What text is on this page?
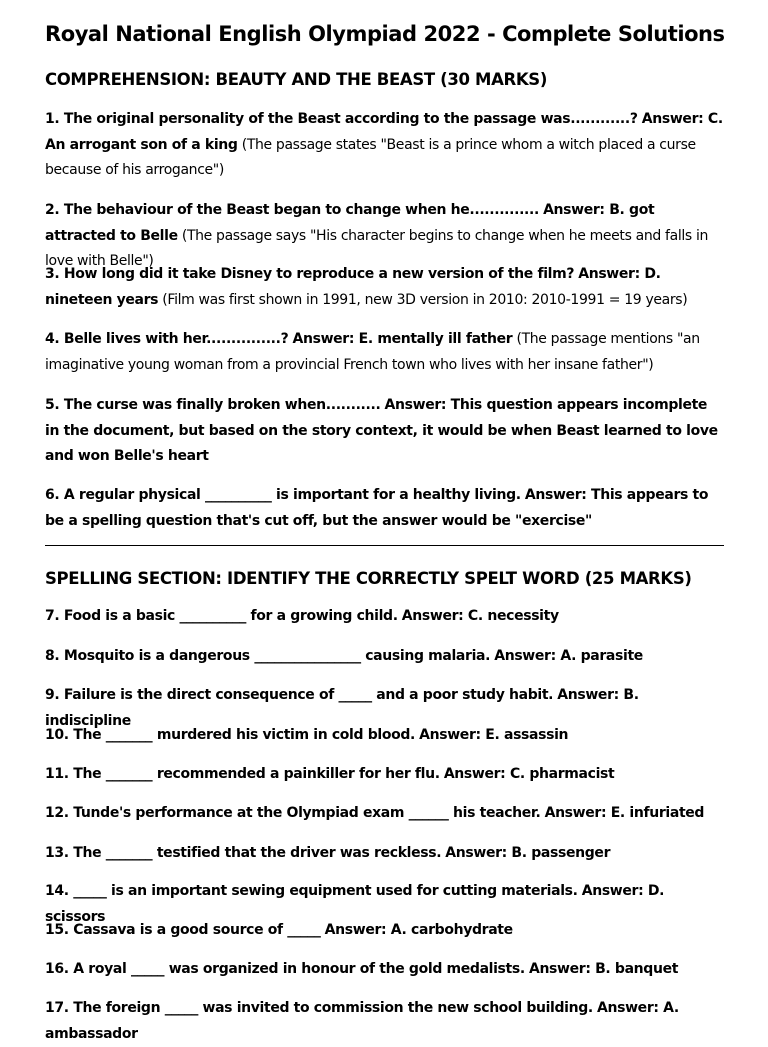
Royal National English Olympiad 2022 - Complete Solutions
COMPREHENSION: BEAUTY AND THE BEAST (30 MARKS)
1. The original personality of the Beast according to the passage was............? Answer: C. An arrogant son of a king (The passage states "Beast is a prince whom a witch placed a curse because of his arrogance")
2. The behaviour of the Beast began to change when he.............. Answer: B. got attracted to Belle (The passage says "His character begins to change when he meets and falls in love with Belle")
3. How long did it take Disney to reproduce a new version of the film? Answer: D. nineteen years (Film was first shown in 1991, new 3D version in 2010: 2010-1991 = 19 years)
4. Belle lives with her...............? Answer: E. mentally ill father (The passage mentions "an imaginative young woman from a provincial French town who lives with her insane father")
5. The curse was finally broken when........... Answer: This question appears incomplete in the document, but based on the story context, it would be when Beast learned to love and won Belle's heart
6. A regular physical __________ is important for a healthy living. Answer: This appears to be a spelling question that's cut off, but the answer would be "exercise"
SPELLING SECTION: IDENTIFY THE CORRECTLY SPELT WORD (25 MARKS)
7. Food is a basic __________ for a growing child. Answer: C. necessity
8. Mosquito is a dangerous ________________ causing malaria. Answer: A. parasite
9. Failure is the direct consequence of _____ and a poor study habit. Answer: B. indiscipline
10. The _______ murdered his victim in cold blood. Answer: E. assassin
11. The _______ recommended a painkiller for her flu. Answer: C. pharmacist
12. Tunde's performance at the Olympiad exam ______ his teacher. Answer: E. infuriated
13. The _______ testified that the driver was reckless. Answer: B. passenger
14. _____ is an important sewing equipment used for cutting materials. Answer: D. scissors
15. Cassava is a good source of _____ Answer: A. carbohydrate
16. A royal _____ was organized in honour of the gold medalists. Answer: B. banquet
17. The foreign _____ was invited to commission the new school building. Answer: A. ambassador
